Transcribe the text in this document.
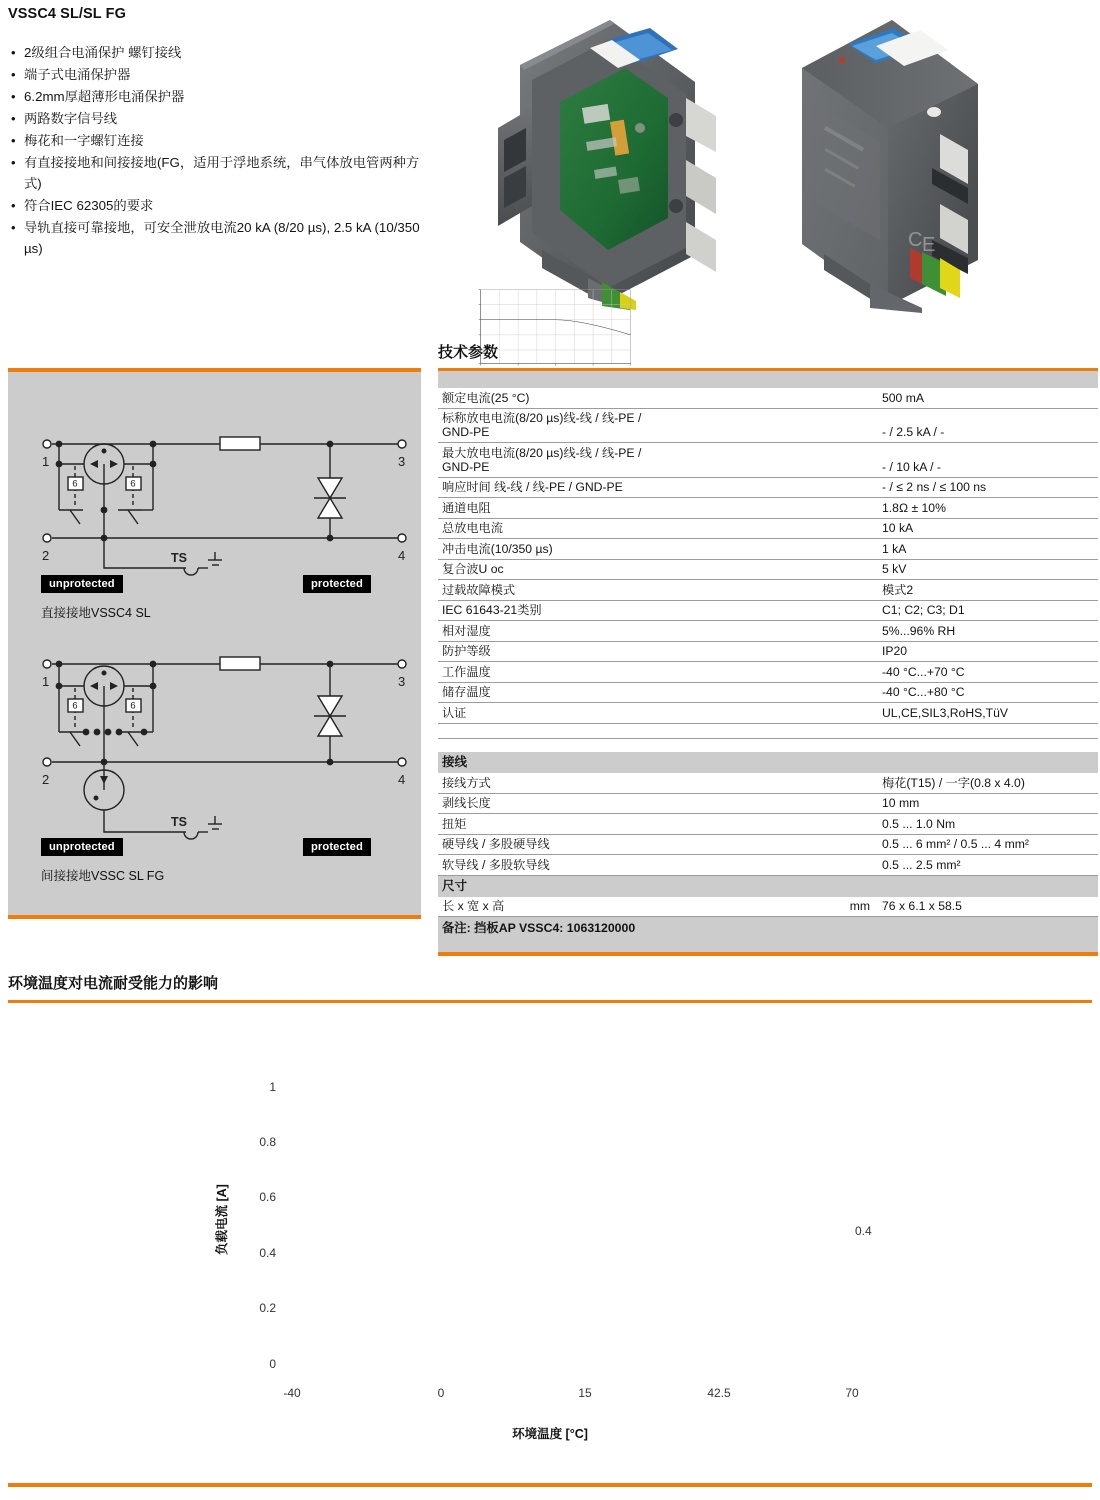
VSSC4 SL/SL FG
• 2级组合电涌保护 螺钉接线
• 端子式电涌保护器
• 6.2mm厚超薄形电涌保护器
• 两路数字信号线
• 梅花和一字螺钉连接
• 有直接接地和间接接地(FG，适用于浮地系统，串气体放电管两种方式)
• 符合IEC 62305的要求
• 导轨直接可靠接地，可安全泄放电流20 kA (8/20 µs), 2.5 kA (10/350 µs)	C E
9	9
1
2
3
4
TS
unprotected	protected
直接接地VSSC4 SL
9	9
1
2
3
4
TS
unprotected	protected
间接接地VSSC SL FG
技术参数

额定电流(25 °C)		500 mA
标称放电电流(8/20 µs)线-线 / 线-PE / GND-PE		- / 2.5 kA / -
最大放电电流(8/20 µs)线-线 / 线-PE / GND-PE		- / 10 kA / -
响应时间 线-线 / 线-PE / GND-PE		- / ≤ 2 ns / ≤ 100 ns
通道电阻		1.8Ω ± 10%
总放电电流		10 kA
冲击电流(10/350 µs)		1 kA
复合波U oc		5 kV
过载故障模式		模式2
IEC 61643-21类别		C1; C2; C3; D1
相对湿度		5%...96% RH
防护等级		IP20
工作温度		-40 °C...+70 °C
储存温度		-40 °C...+80 °C
认证		UL,CE,SIL3,RoHS,TüV

接线		
接线方式		梅花(T15) / 一字(0.8 x 4.0)
剥线长度		10 mm
扭矩		0.5 ... 1.0 Nm
硬导线 / 多股硬导线		0.5 ... 6 mm² / 0.5 ... 4 mm²
软导线 / 多股软导线		0.5 ... 2.5 mm²
尺寸		
长 x 宽 x 高	mm	76 x 6.1 x 58.5
备注: 挡板AP VSSC4: 1063120000		

环境温度对电流耐受能力的影响
负载电流 [A]
环境温度 [°C]
1
0.8
0.6
0.4
0.2
0
-40	0	15	42.5	70
0.4
